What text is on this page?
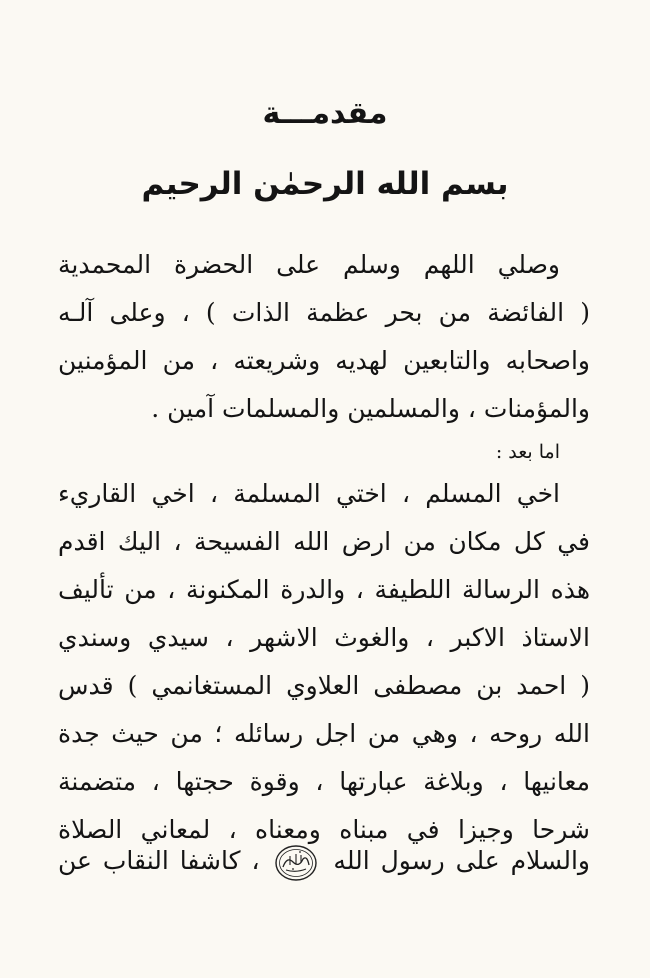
مقدمـــة
بسم الله الرحمٰن الرحيم
وصلي اللهم وسلم على الحضرة المحمدية
( الفائضة من بحر عظمة الذات ) ، وعلى آلـه
واصحابه والتابعين لهديه وشريعته ، من المؤمنين
والمؤمنات ، والمسلمين والمسلمات آمين .
اما بعد :
اخي المسلم ، اختي المسلمة ، اخي القاريء
في كل مكان من ارض الله الفسيحة ، اليك اقدم
هذه الرسالة اللطيفة ، والدرة المكنونة ، من تأليف
الاستاذ الاكبر ، والغوث الاشهر ، سيدي وسندي
( احمد بن مصطفى العلاوي المستغانمي ) قدس
الله روحه ، وهي من اجل رسائله ؛ من حيث جدة
معانيها ، وبلاغة عبارتها ، وقوة حجتها ، متضمنة
شرحا وجيزا في مبناه ومعناه ، لمعاني الصلاة
والسلام على رسول الله  ، كاشفا النقاب عن
